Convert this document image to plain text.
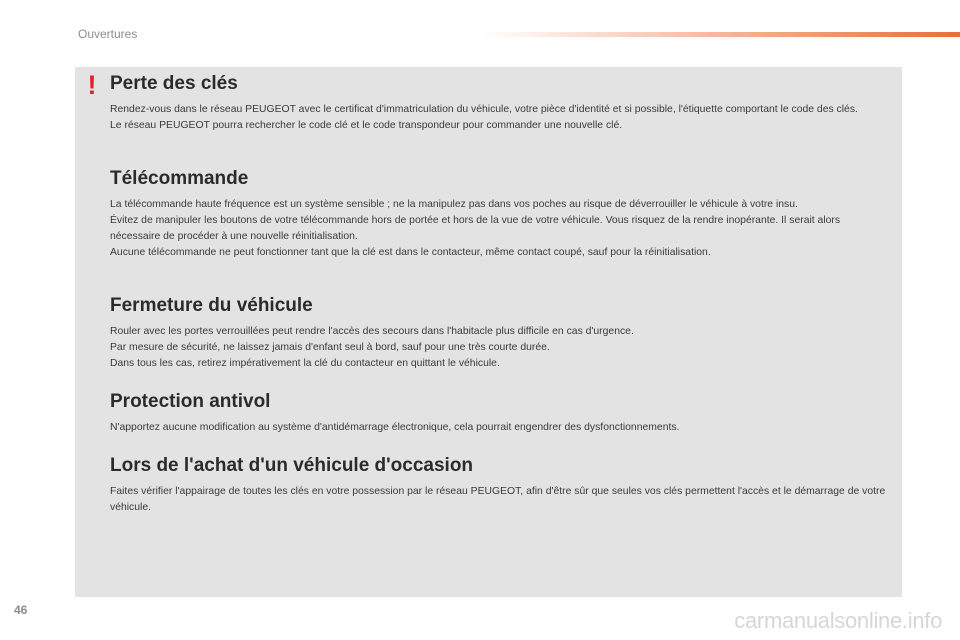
Ouvertures
! Perte des clés

Rendez-vous dans le réseau PEUGEOT avec le certificat d'immatriculation du véhicule, votre pièce d'identité et si possible, l'étiquette comportant le code des clés.

Le réseau PEUGEOT pourra rechercher le code clé et le code transpondeur pour commander une nouvelle clé.

Télécommande

La télécommande haute fréquence est un système sensible ; ne la manipulez pas dans vos poches au risque de déverrouiller le véhicule à votre insu.

Évitez de manipuler les boutons de votre télécommande hors de portée et hors de la vue de votre véhicule. Vous risquez de la rendre inopérante. Il serait alors nécessaire de procéder à une nouvelle réinitialisation.

Aucune télécommande ne peut fonctionner tant que la clé est dans le contacteur, même contact coupé, sauf pour la réinitialisation.

Fermeture du véhicule

Rouler avec les portes verrouillées peut rendre l'accès des secours dans l'habitacle plus difficile en cas d'urgence.

Par mesure de sécurité, ne laissez jamais d'enfant seul à bord, sauf pour une très courte durée.

Dans tous les cas, retirez impérativement la clé du contacteur en quittant le véhicule.

Protection antivol

N'apportez aucune modification au système d'antidémarrage électronique, cela pourrait engendrer des dysfonctionnements.

Lors de l'achat d'un véhicule d'occasion

Faites vérifier l'appairage de toutes les clés en votre possession par le réseau PEUGEOT, afin d'être sûr que seules vos clés permettent l'accès et le démarrage de votre véhicule.

46	carmanualsonline.info
